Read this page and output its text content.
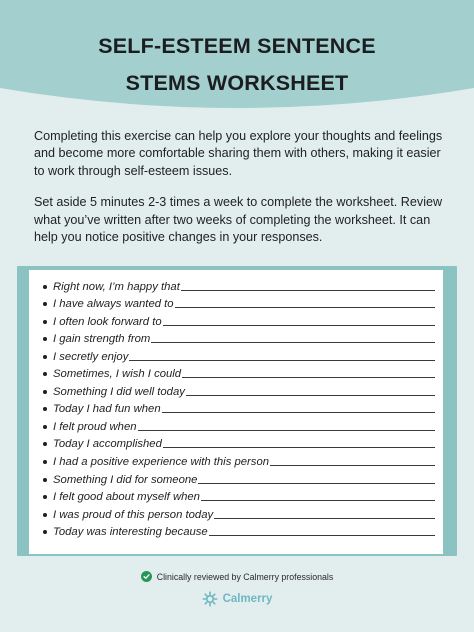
SELF-ESTEEM SENTENCE
STEMS WORKSHEET

Completing this exercise can help you explore your thoughts and feelings and become more comfortable sharing them with others, making it easier to work through self-esteem issues.

Set aside 5 minutes 2-3 times a week to complete the worksheet. Review what you’ve written after two weeks of completing the worksheet. It can help you notice positive changes in your responses.

Right now, I’m happy that
I have always wanted to
I often look forward to
I gain strength from
I secretly enjoy
Sometimes, I wish I could
Something I did well today
Today I had fun when
I felt proud when
Today I accomplished
I had a positive experience with this person
Something I did for someone
I felt good about myself when
I was proud of this person today
Today was interesting because
Clinically reviewed by Calmerry professionals
Calmerry
